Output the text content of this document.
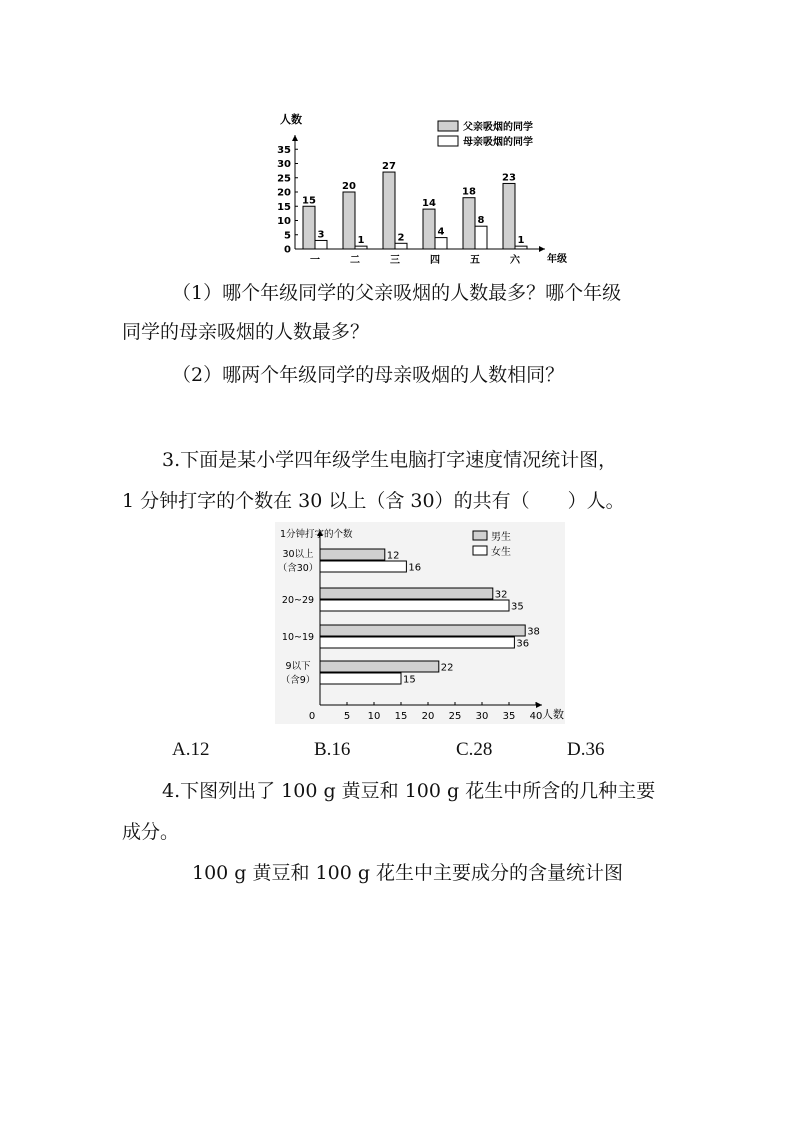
0
5
10
15
20
25
30
35
人数
年级
一
15
3
二
20
1
三
27
2
四
14
4
五
18
8
六
23
1
父亲吸烟的同学
母亲吸烟的同学
（1）哪个年级同学的父亲吸烟的人数最多？哪个年级
同学的母亲吸烟的人数最多？
（2）哪两个年级同学的母亲吸烟的人数相同？
3.下面是某小学四年级学生电脑打字速度情况统计图，
1 分钟打字的个数在 30 以上（含 30）的共有（　　）人。
1分钟打字的个数
人数
0	5 10 15 20 25 30 35 40
30以上
（含30）
12
16
20~29	32
35
10~19	38
36
9以下
（含9）
22
15
男生
女生
A.12	B.16	C.28	D.36
4.下图列出了 100 g 黄豆和 100 g 花生中所含的几种主要
成分。
100 g 黄豆和 100 g 花生中主要成分的含量统计图
